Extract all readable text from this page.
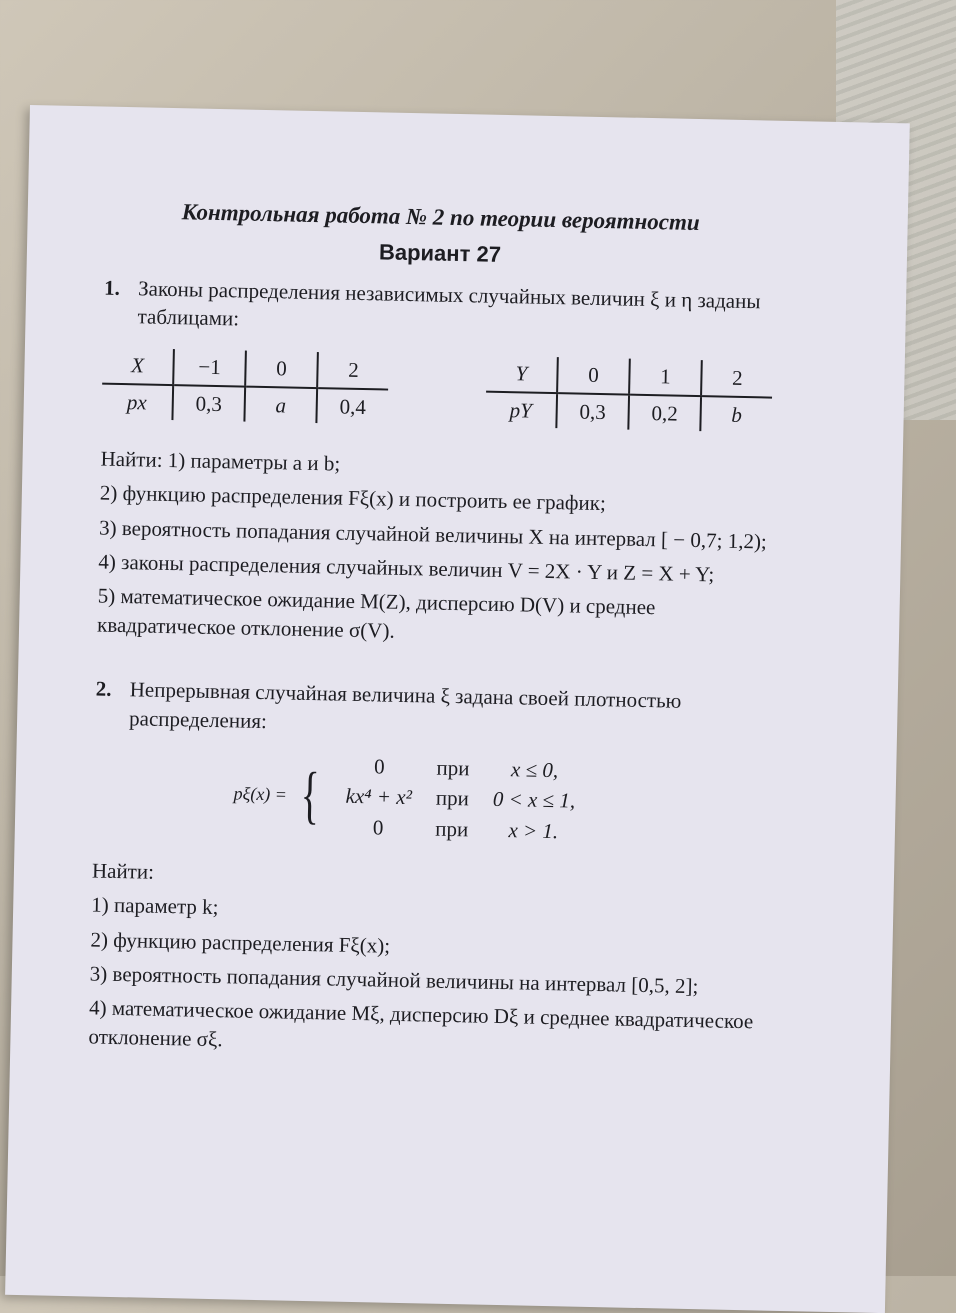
Контрольная работа № 2 по теории вероятности

Вариант 27

1. Законы распределения независимых случайных величин ξ и η заданы таблицами:

X	−1	0	2
px	0,3	a	0,4
Y	0	1	2
pY	0,3	0,2	b

Найти: 1) параметры a и b;

2) функцию распределения Fξ(x) и построить ее график;

3) вероятность попадания случайной величины X на интервал [ − 0,7; 1,2);

4) законы распределения случайных величин V = 2X · Y и Z = X + Y;

5) математическое ожидание M(Z), дисперсию D(V) и среднее квадратическое отклонение σ(V).

2. Непрерывная случайная величина ξ задана своей плотностью распределения:

pξ(x) = {	0	при	x ≤ 0,
kx⁴ + x²	при	0 < x ≤ 1,
0	при	x > 1.

Найти:

1) параметр k;

2) функцию распределения Fξ(x);

3) вероятность попадания случайной величины на интервал [0,5, 2];

4) математическое ожидание Mξ, дисперсию Dξ и среднее квадратическое отклонение σξ.
